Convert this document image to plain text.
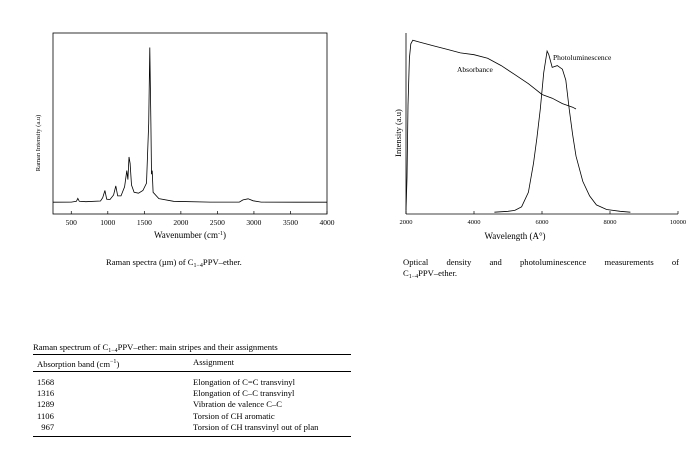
500	1000	1500	2000	2500	3000	3500	4000
Wavenumber $(cm^{-1})$
Raman Intensity (a.u)
2000	4000	6000	8000	10000
Absorbance
Photoluminescence
Wavelength (A°)
Intensity (a.u)
Raman spectra (µm) of $C_{1-4}PPV$–ether.	Optical density and photoluminescence measurements of
$C_{1-4}PPV$–ether.
Raman spectrum of $C_{1-4}PPV$–ether: main stripes and their assignments
Absorption band $(cm^{-1})$	Assignment
1568	Elongation of C=C transvinyl
1316	Elongation of C–C transvinyl
1289	Vibration de valence C–C
1106	Torsion of CH aromatic
967	Torsion of CH transvinyl out of plan
